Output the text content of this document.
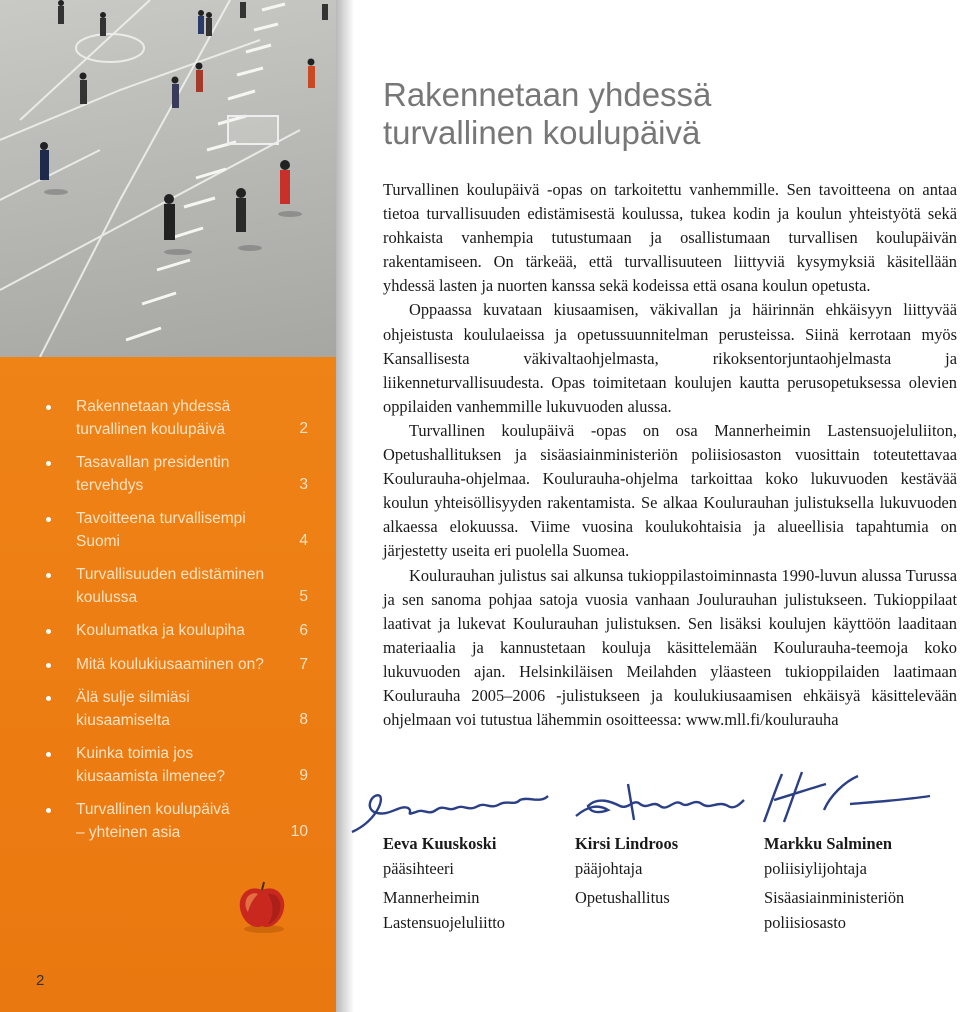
Rakennetaan yhdessä
turvallinen koulupäivä	2
Tasavallan presidentin
tervehdys	3
Tavoitteena turvallisempi
Suomi	4
Turvallisuuden edistäminen
koulussa	5
Koulumatka ja koulupiha	6
Mitä koulukiusaaminen on?	7
Älä sulje silmiäsi
kiusaamiselta	8
Kuinka toimia jos
kiusaamista ilmenee?	9
Turvallinen koulupäivä
– yhteinen asia	10
2
Rakennetaan yhdessä
turvallinen koulupäivä

Turvallinen koulupäivä -opas on tarkoitettu vanhemmille. Sen tavoitteena on antaa tietoa turvallisuuden edistämisestä koulussa, tukea kodin ja koulun yhteistyötä sekä rohkaista vanhempia tutustumaan ja osallistumaan turvallisen koulupäivän rakentamiseen. On tärkeää, että turvallisuuteen liittyviä kysymyksiä käsitellään yhdessä lasten ja nuorten kanssa sekä kodeissa että osana koulun opetusta.

Oppaassa kuvataan kiusaamisen, väkivallan ja häirinnän ehkäisyyn liittyvää ohjeistusta koululaeissa ja opetussuunnitelman perusteissa. Siinä kerrotaan myös Kansallisesta väkivaltaohjelmasta, rikoksentorjuntaohjelmasta ja liikenneturvallisuudesta. Opas toimitetaan koulujen kautta perusopetuksessa olevien oppilaiden vanhemmille lukuvuoden alussa.

Turvallinen koulupäivä -opas on osa Mannerheimin Lastensuojeluliiton, Opetushallituksen ja sisäasiainministeriön poliisiosaston vuosittain toteutettavaa Koulurauha-ohjelmaa. Koulurauha-ohjelma tarkoittaa koko lukuvuoden kestävää koulun yhteisöllisyyden rakentamista. Se alkaa Koulurauhan julistuksella lukuvuoden alkaessa elokuussa. Viime vuosina koulukohtaisia ja alueellisia tapahtumia on järjestetty useita eri puolella Suomea.

Koulurauhan julistus sai alkunsa tukioppilastoiminnasta 1990-luvun alussa Turussa ja sen sanoma pohjaa satoja vuosia vanhaan Joulurauhan julistukseen. Tukioppilaat laativat ja lukevat Koulurauhan julistuksen. Sen lisäksi koulujen käyttöön laaditaan materiaalia ja kannustetaan kouluja käsittelemään Koulurauha-teemoja koko lukuvuoden ajan. Helsinkiläisen Meilahden yläasteen tukioppilaiden laatimaan Koulurauha 2005–2006 -julistukseen ja koulukiusaamisen ehkäisyä käsittelevään ohjelmaan voi tutustua lähemmin osoitteessa: www.mll.fi/koulurauha

Eeva Kuuskoski
pääsihteeri
Mannerheimin
Lastensuojeluliitto
Kirsi Lindroos
pääjohtaja
Opetushallitus
Markku Salminen
poliisiylijohtaja
Sisäasiainministeriön
poliisiosasto
